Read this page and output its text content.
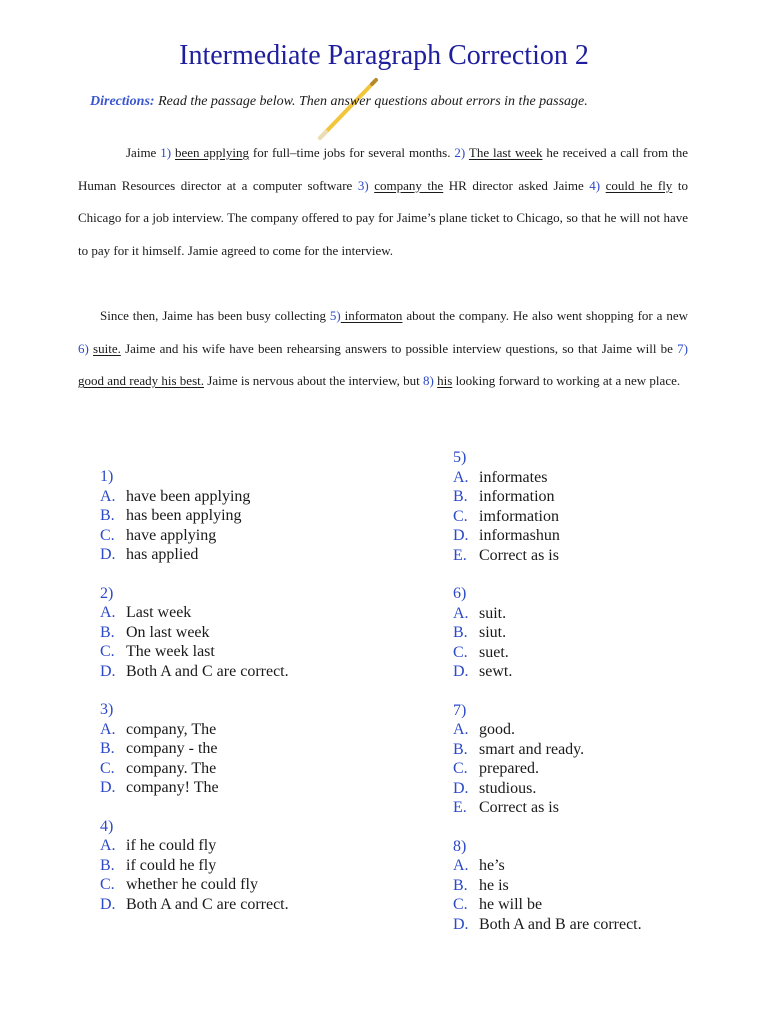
Intermediate Paragraph Correction 2
Directions: Read the passage below. Then answer questions about errors in the passage.

Jaime 1) been applying for full–time jobs for several months. 2) The last week he received a call from the Human Resources director at a computer software 3) company the HR director asked Jaime 4) could he fly to Chicago for a job interview. The company offered to pay for Jaime’s plane ticket to Chicago, so that he will not have to pay for it himself. Jamie agreed to come for the interview.

Since then, Jaime has been busy collecting 5) informaton about the company. He also went shopping for a new 6) suite. Jaime and his wife have been rehearsing answers to possible interview questions, so that Jaime will be 7) good and ready his best. Jaime is nervous about the interview, but 8) his looking forward to working at a new place.

1)
A. have been applying
B. has been applying
C. have applying
D. has applied
2)
A. Last week
B. On last week
C. The week last
D. Both A and C are correct.
3)
A. company, The
B. company - the
C. company. The
D. company! The
4)
A. if he could fly
B. if could he fly
C. whether he could fly
D. Both A and C are correct.
5)
A. informates
B. information
C. imformation
D. informashun
E. Correct as is
6)
A. suit.
B. siut.
C. suet.
D. sewt.
7)
A. good.
B. smart and ready.
C. prepared.
D. studious.
E. Correct as is
8)
A. he’s
B. he is
C. he will be
D. Both A and B are correct.
